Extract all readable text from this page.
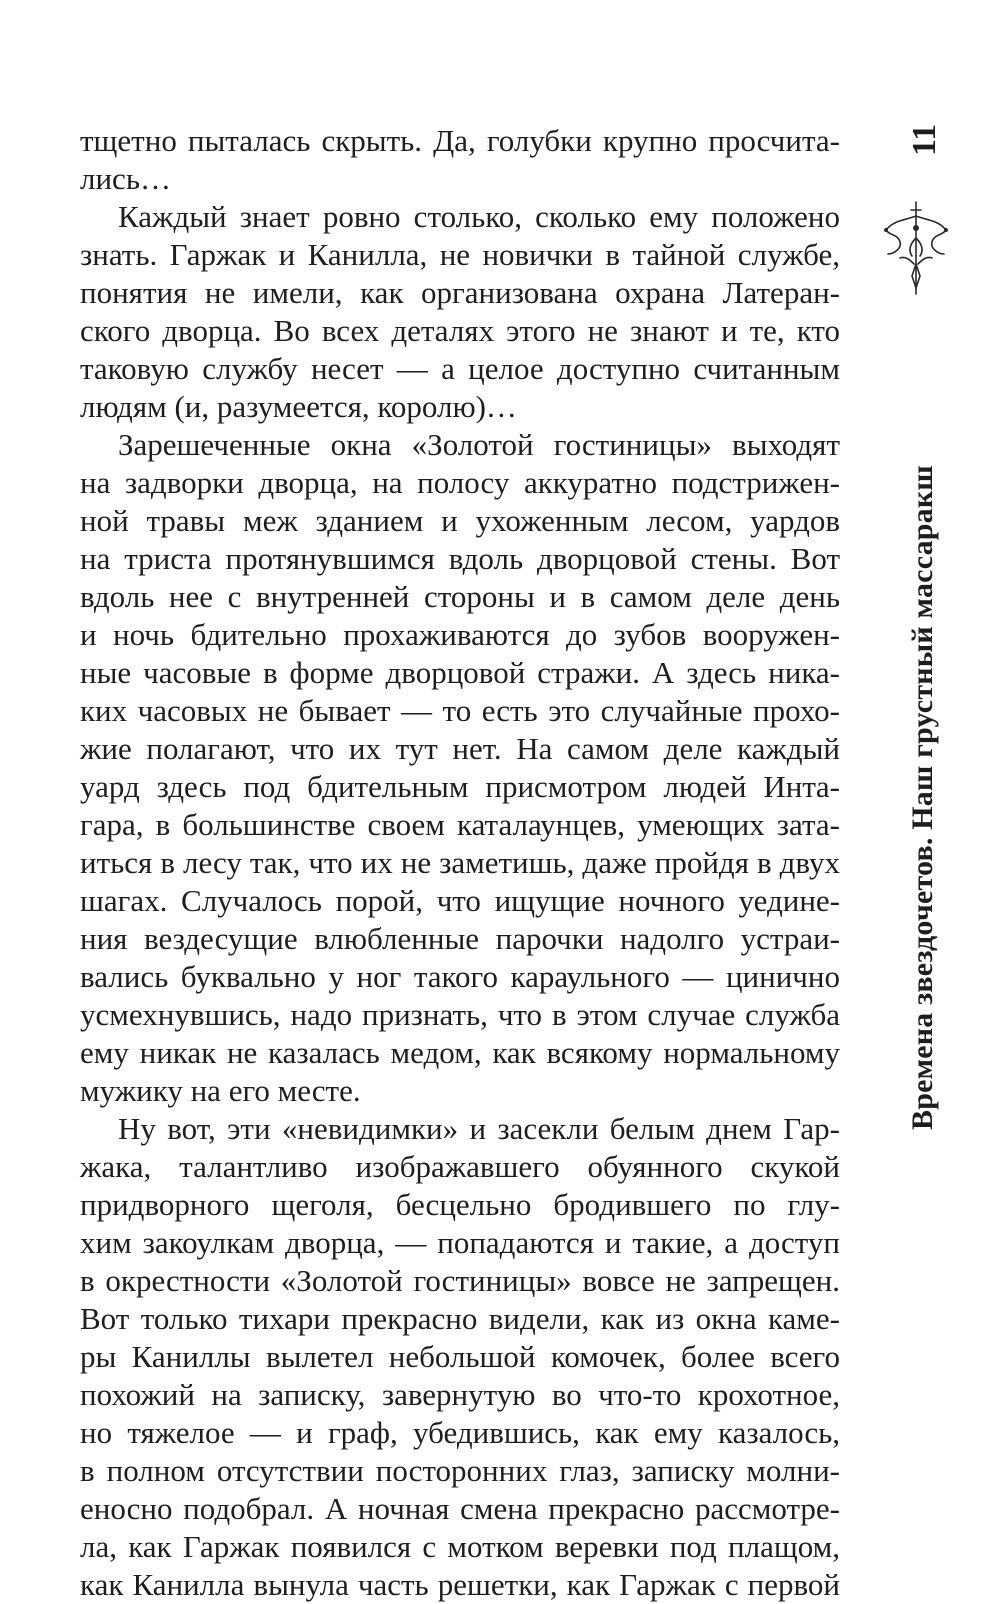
тщетно пыталась скрыть. Да, голубки крупно просчита-
лись…
Каждый знает ровно столько, сколько ему положено
знать. Гаржак и Канилла, не новички в тайной службе,
понятия не имели, как организована охрана Латеран-
ского дворца. Во всех деталях этого не знают и те, кто
таковую службу несет — а целое доступно считанным
людям (и, разумеется, королю)…
Зарешеченные окна «Золотой гостиницы» выходят
на задворки дворца, на полосу аккуратно подстрижен-
ной травы меж зданием и ухоженным лесом, уардов
на триста протянувшимся вдоль дворцовой стены. Вот
вдоль нее с внутренней стороны и в самом деле день
и ночь бдительно прохаживаются до зубов вооружен-
ные часовые в форме дворцовой стражи. А здесь ника-
ких часовых не бывает — то есть это случайные прохо-
жие полагают, что их тут нет. На самом деле каждый
уард здесь под бдительным присмотром людей Интa-
гара, в большинстве своем каталаунцев, умеющих зата-
иться в лесу так, что их не заметишь, даже пройдя в двух
шагах. Случалось порой, что ищущие ночного уедине-
ния вездесущие влюбленные парочки надолго устраи-
вались буквально у ног такого караульного — цинично
усмехнувшись, надо признать, что в этом случае служба
ему никак не казалась медом, как всякому нормальному
мужику на его месте.
Ну вот, эти «невидимки» и засекли белым днем Гар-
жака, талантливо изображавшего обуянного скукой
придворного щеголя, бесцельно бродившего по глу-
хим закоулкам дворца, — попадаются и такие, а доступ
в окрестности «Золотой гостиницы» вовсе не запрещен.
Вот только тихари прекрасно видели, как из окна каме-
ры Каниллы вылетел небольшой комочек, более всего
похожий на записку, завернутую во что-то крохотное,
но тяжелое — и граф, убедившись, как ему казалось,
в полном отсутствии посторонних глаз, записку молни-
еносно подобрал. А ночная смена прекрасно рассмотре-
ла, как Гаржак появился с мотком веревки под плащом,
как Канилла вынула часть решетки, как Гаржак с первой
11
Времена звездочетов. Наш грустный массаракш
